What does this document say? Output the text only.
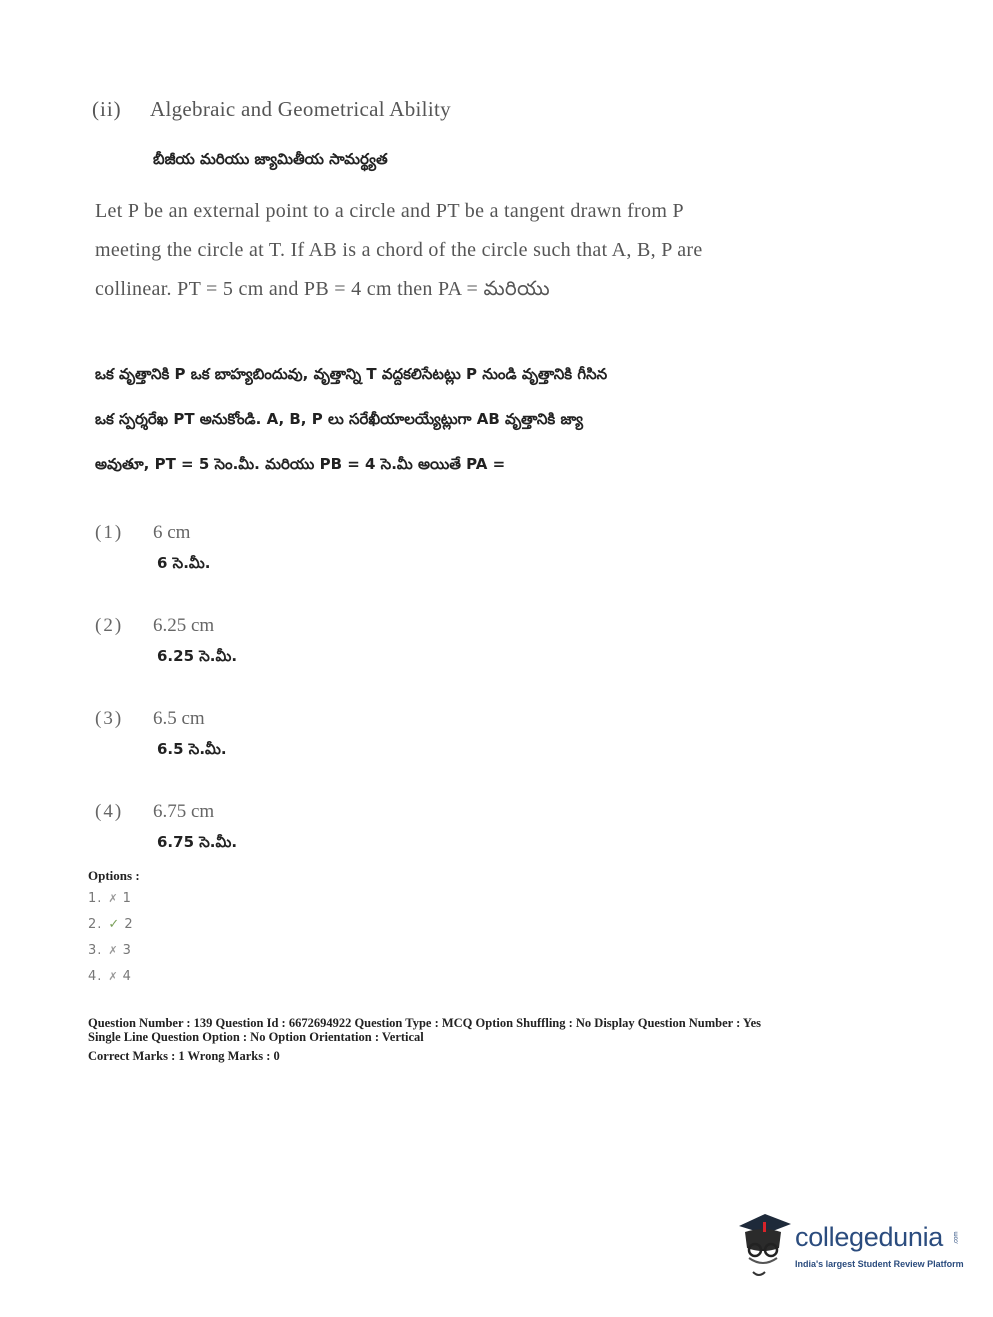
(ii) Algebraic and Geometrical Ability
బీజీయ మరియు జ్యామితీయ సామర్థ్యత
Let P be an external point to a circle and PT be a tangent drawn from P
meeting the circle at T. If AB is a chord of the circle such that A, B, P are
collinear. PT = 5 cm and PB = 4 cm then PA = మరియు
ఒక వృత్తానికి P ఒక బాహ్యబిందువు, వృత్తాన్ని T వద్దకలిసేటట్లు P నుండి వృత్తానికి గీసిన
ఒక స్పర్శరేఖ PT అనుకోండి. A, B, P లు సరేఖీయాలయ్యేట్లుగా AB వృత్తానికి జ్యా
అవుతూ, PT = 5 సెం.మీ. మరియు PB = 4 సె.మీ అయితే PA =
(1) 6 cm
6 సె.మీ.
(2) 6.25 cm
6.25 సె.మీ.
(3) 6.5 cm
6.5 సె.మీ.
(4) 6.75 cm
6.75 సె.మీ.
Options :
1. ✗ 1
2. ✓ 2
3. ✗ 3
4. ✗ 4
Question Number : 139 Question Id : 6672694922 Question Type : MCQ Option Shuffling : No Display Question Number : Yes
Single Line Question Option : No Option Orientation : Vertical
Correct Marks : 1 Wrong Marks : 0
collegedunia .com
India's largest Student Review Platform
